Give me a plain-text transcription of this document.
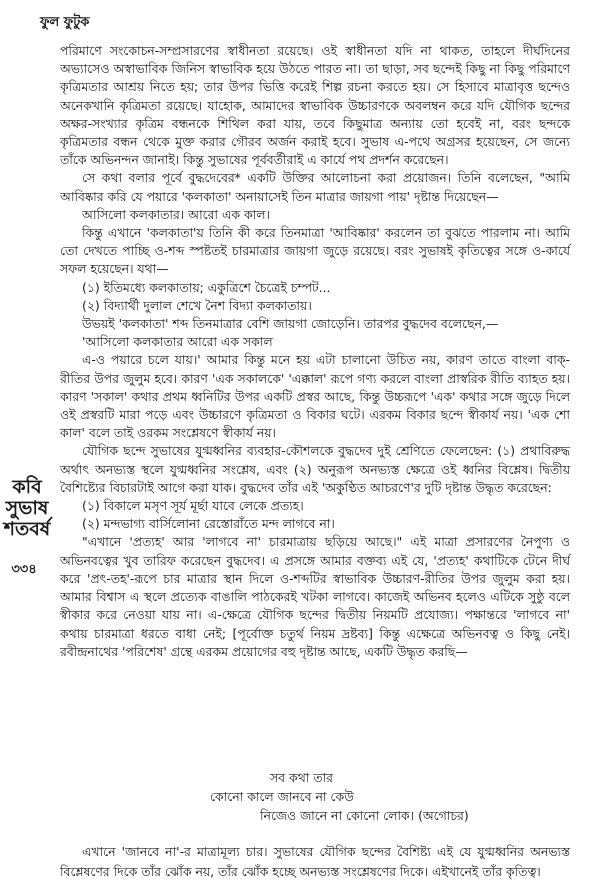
ফুল ফুটুক
কবি
সুভাষ
শতবর্ষ
৩৩৪

পরিমাণে সংকোচন-সম্প্রসারণের স্বাধীনতা রয়েছে। ওই স্বাধীনতা যদি না থাকত, তাহলে দীর্ঘদিনের অভ্যাসেও অস্বাভাবিক জিনিস স্বাভাবিক হয়ে উঠতে পারত না। তা ছাড়া, সব ছন্দেই কিছু না কিছু পরিমাণে কৃত্রিমতার আশ্রয় নিতে হয়; তার উপর ভিত্তি করেই শিল্প রচনা করতে হয়। সে হিসাবে মাত্রাবৃত্ত ছন্দেও অনেকখানি কৃত্রিমতা রয়েছে। যাহোক, আমাদের স্বাভাবিক উচ্চারণকে অবলম্বন করে যদি যৌগিক ছন্দের অক্ষর-সংখ্যার কৃত্রিম বন্ধনকে শিথিল করা যায়, তবে কিছুমাত্র অন্যায় তো হবেই না, বরং ছন্দকে কৃত্রিমতার বন্ধন থেকে মুক্ত করার গৌরব অর্জন করাই হবে। সুভাষ এ-পথে অগ্রসর হয়েছেন, সে জন্যে তাঁকে অভিনন্দন জানাই। কিন্তু সুভাষের পূর্ববর্তীরাই এ কার্যে পথ প্রদর্শন করেছেন।

সে কথা বলার পূর্বে বুদ্ধদেবের* একটি উক্তির আলোচনা করা প্রয়োজন। তিনি বলেছেন, "আমি আবিষ্কার করি যে পয়ারে 'কলকাতা' অনায়াসেই তিন মাত্রার জায়গা পায়' দৃষ্টান্ত দিয়েছেন—

আসিলো কলকাতার। আরো এক কাল।

কিন্তু এখানে 'কলকাতা'য় তিনি কী করে তিনমাত্রা 'আবিষ্কার' করলেন তা বুঝতে পারলাম না। আমি তো দেখতে পাচ্ছি ও-শব্দ স্পষ্টতই চারমাত্রার জায়গা জুড়ে রয়েছে। বরং সুভাষই কৃতিত্বের সঙ্গে ও-কার্যে সফল হয়েছেন। যথা—

(১) ইতিমধ্যে কলকাতায়; একুত্রিশে চৈত্রেই চম্পট...

(২) বিদ্যার্থী দুলাল শেখে নৈশ বিদ্যা কলকাতায়।

উভয়ই 'কলকাতা' শব্দ তিনমাত্রার বেশি জায়গা জোড়েনি। তারপর বুদ্ধদেব বলেছেন,—

'আসিলো কলকাতার আরো এক সকাল

এ-ও পয়ারে চলে যায়।' আমার কিন্তু মনে হয় এটা চালানো উচিত নয়, কারণ তাতে বাংলা বাক্-রীতির উপর জুলুম হবে। কারণ 'এক সকালকে' 'এক্কাল' রূপে গণ্য করলে বাংলা প্রাস্বরিক রীতি ব্যাহত হয়। কারণ 'সকাল' কথার প্রথম ধ্বনিটির উপর একটি প্রস্বর আছে, কিন্তু উচ্চরূপে 'এক' কথার সঙ্গে জুড়ে দিলে ওই প্রস্বরটি মারা পড়ে এবং উচ্চারণে কৃত্রিমতা ও বিকার ঘটে। এরকম বিকার ছন্দে স্বীকার্য নয়। 'এক শো কাল' বলে তাই ওরকম সংশ্লেষণে স্বীকার্য নয়।

যৌগিক ছন্দে সুভাষের যুগ্মধ্বনির ব্যবহার-কৌশলকে বুদ্ধদেব দুই শ্রেণিতে ফেলেছেন: (১) প্রথাবিরুদ্ধ অর্থাৎ অনভ্যস্ত স্থলে যুগ্মধ্বনির সংশ্লেষ, এবং (২) অনুরূপ অনভ্যস্ত ক্ষেত্রে ওই ধ্বনির বিশ্লেষ। দ্বিতীয় বৈশিষ্ট্যের বিচারটাই আগে করা যাক। বুদ্ধদেব তাঁর এই 'অকুণ্ঠিত আচরণে'র দুটি দৃষ্টান্ত উদ্ধৃত করেছেন:

(১) বিকালে মসৃণ সূর্য মূর্ছা যাবে লেকে প্রত্যহ।

(২) মন্দভাগ্য বার্সিলোনা রেস্তোরাঁতে মন্দ লাগবে না।

"এখানে 'প্রত্যহ' আর 'লাগবে না' চারমাত্রায় ছড়িয়ে আছে।" এই মাত্রা প্রসারণের নৈপুণ্য ও অভিনবত্বের খুব তারিফ করেছেন বুদ্ধদেব। এ প্রসঙ্গে আমার বক্তব্য এই যে, 'প্রত্যহ' কথাটিকে টেনে দীর্ঘ করে 'প্রৎ-তহ'-রূপে চার মাত্রার স্থান দিলে ও-শব্দটির স্বাভাবিক উচ্চারণ-রীতির উপর জুলুম করা হয়। আমার বিশ্বাস এ স্থলে প্রত্যেক বাঙালি পাঠকেরই খটকা লাগবে। কাজেই অভিনব হলেও এটিকে সুষ্ঠু বলে স্বীকার করে নেওয়া যায় না। এ-ক্ষেত্রে যৌগিক ছন্দের দ্বিতীয় নিয়মটি প্রযোজ্য। পক্ষান্তরে 'লাগবে না' কথায় চারমাত্রা ধরতে বাধা নেই; [পূর্বোক্ত চতুর্থ নিয়ম দ্রষ্টব্য] কিন্তু এক্ষেত্রে অভিনবত্ব ও কিছু নেই। রবীন্দ্রনাথের 'পরিশেষ' গ্রন্থে এরকম প্রয়োগের বহু দৃষ্টান্ত আছে, একটি উদ্ধৃত করছি—

সব কথা তার
কোনো কালে জানবে না কেউ
নিজেও জানে না কোনো লোক। (অগোচর)

এখানে 'জানবে না'-র মাত্রামূল্য চার। সুভাষের যৌগিক ছন্দের বৈশিষ্ট্য এই যে যুগ্মধ্বনির অনভ্যস্ত বিশ্লেষণের দিকে তাঁর ঝোঁক নয়, তাঁর ঝোঁক হচ্ছে অনভ্যস্ত সংশ্লেষণের দিকে। এইখানেই তাঁর কৃতিত্ব।
